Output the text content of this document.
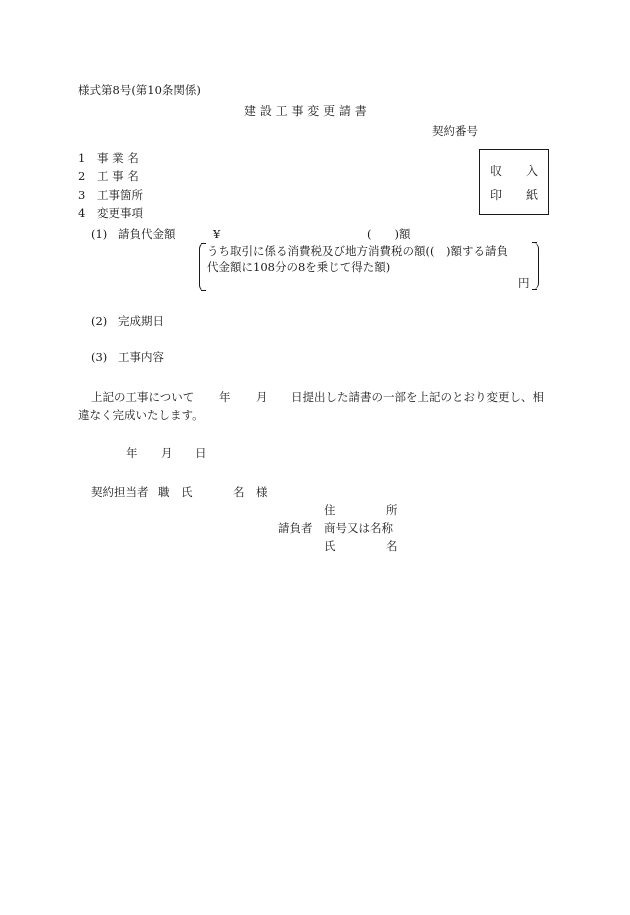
様式第8号(第10条関係)
建 設 工 事 変 更 請 書
契約番号
収 入
印 紙
1 事 業 名
2 工 事 名
3 工事箇所
4 変更事項
(1) 請負代金額	¥	(　　)額
うち取引に係る消費税及び地方消費税の額((　)額する請負
代金額に108分の8を乗じて得た額)
円
(2) 完成期日
(3) 工事内容
上記の工事について 年 月 日提出した請書の一部を上記のとおり変更し、相
違なく完成いたします。
年 月 日
契約担当者 職 氏	名 様
住	所
請負者 商号又は名称
氏	名
